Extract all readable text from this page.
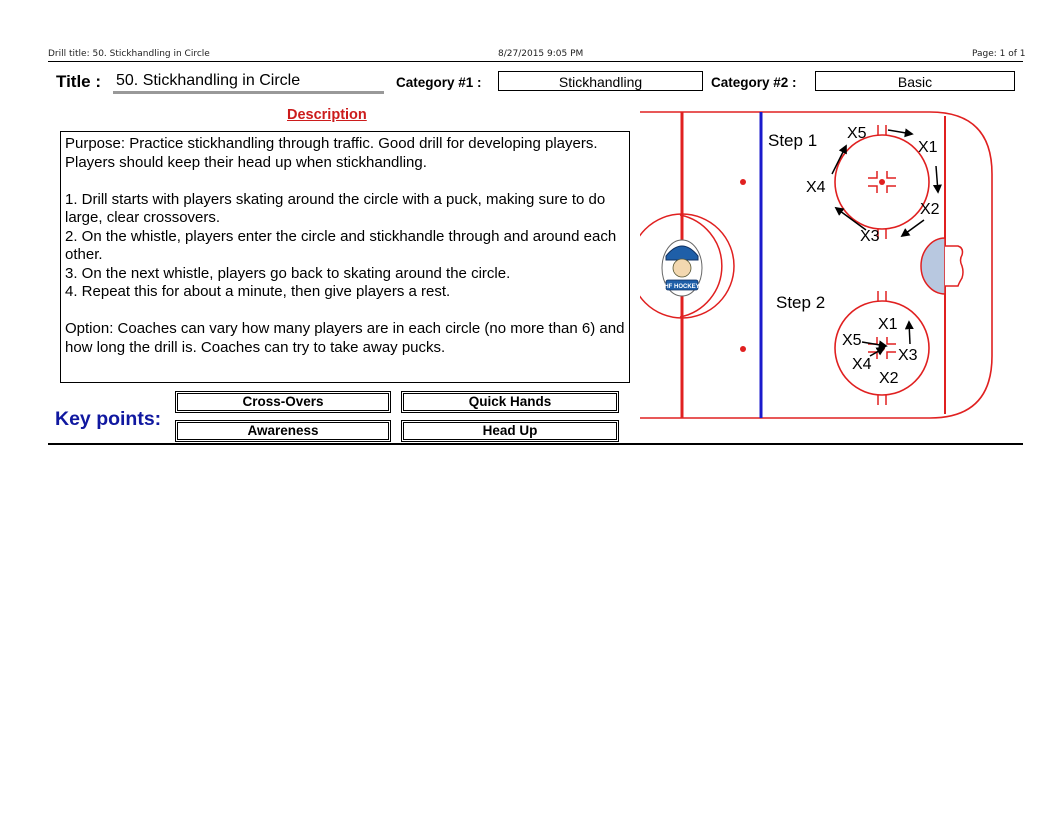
Drill title: 50. Stickhandling in Circle	8/27/2015 9:05 PM	Page: 1 of 1
Title : 50. Stickhandling in Circle	Category #1 :	Stickhandling	Category #2 :	Basic
Description

Purpose: Practice stickhandling through traffic. Good drill for developing players. Players should keep their head up when stickhandling.

1. Drill starts with players skating around the circle with a puck, making sure to do large, clear crossovers.

2. On the whistle, players enter the circle and stickhandle through and around each other.

3. On the next whistle, players go back to skating around the circle.

4. Repeat this for about a minute, then give players a rest.

Option: Coaches can vary how many players are in each circle (no more than 6) and how long the drill is. Coaches can try to take away pucks.

Key points:
Cross-Overs	Quick Hands
Awareness	Head Up
HF HOCKEY
Step 1 X5
X1
X4
X2
X3
Step 2
X1
X5
X3
X4
X2
